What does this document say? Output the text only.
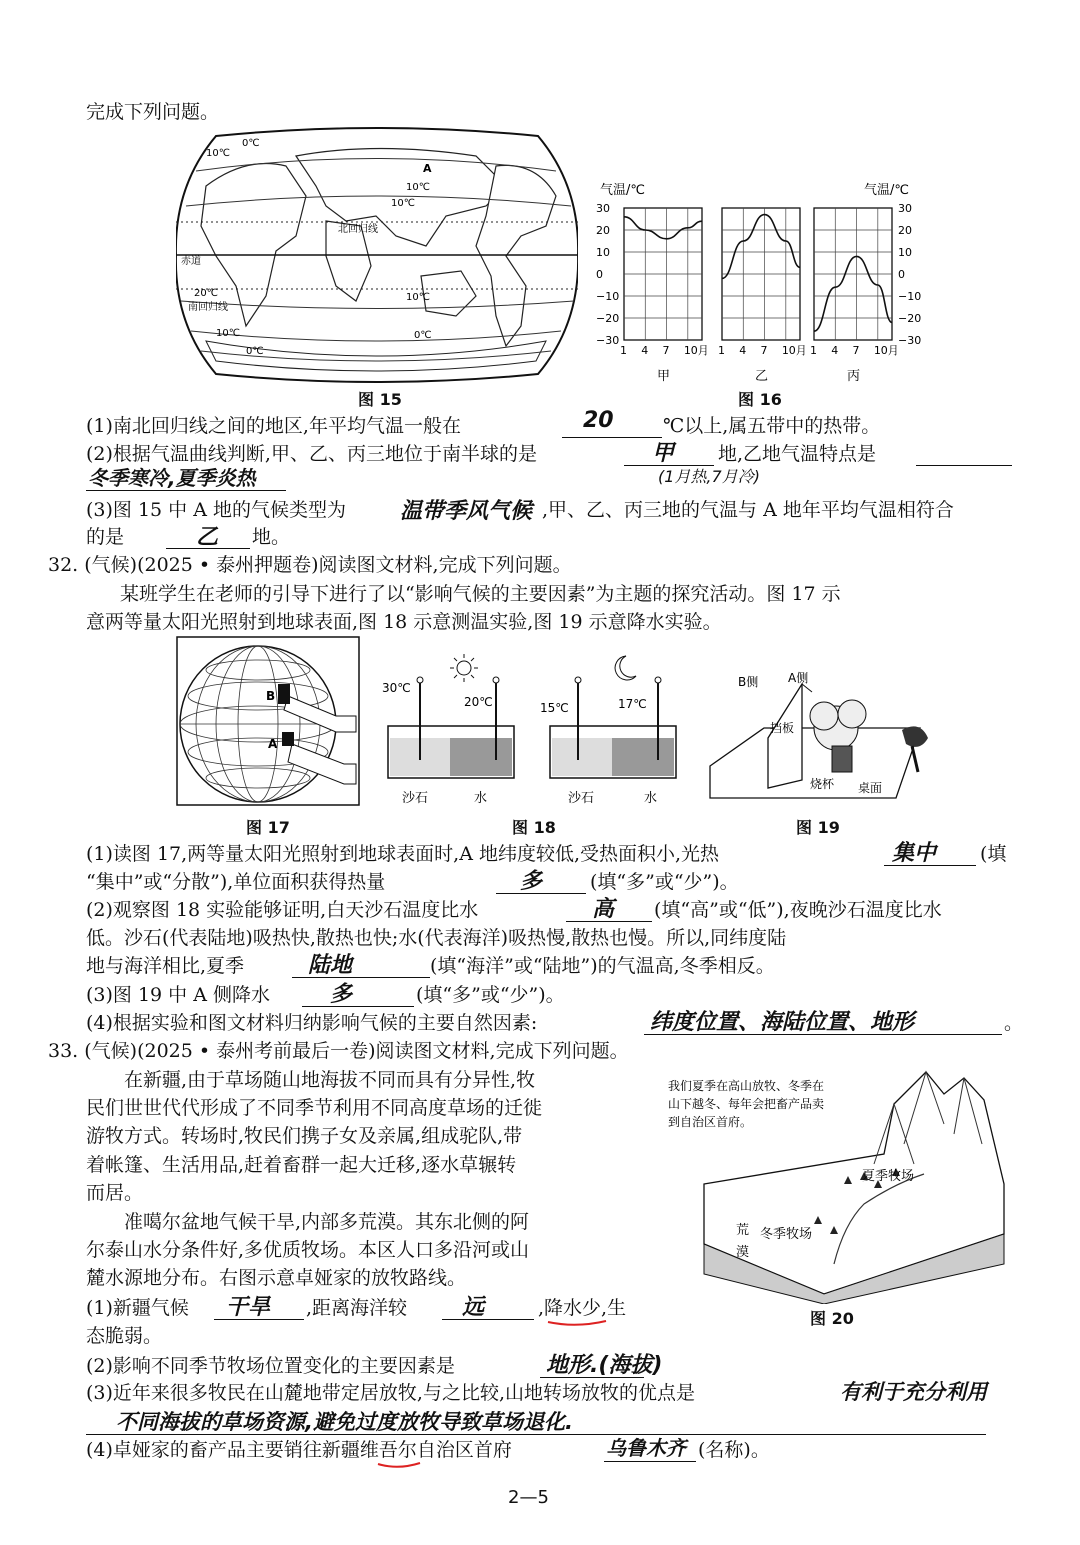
完成下列问题。
10℃
0℃
10℃
10℃
北回归线
赤道
20℃
南回归线
10℃
0℃
10℃
0℃
A
图 15
气温/℃	气温/℃
30	30
20	20
10	10
0	0
−10	−10
−20	−20
−30	−30
1 4 7 10月
甲
1 4 7 10月
乙
1 4 7 10月
丙
图 16
(1)南北回归线之间的地区,年平均气温一般在	20	℃以上,属五带中的热带。
(2)根据气温曲线判断,甲、乙、丙三地位于南半球的是	甲 地,乙地气温特点是
冬季寒冷,夏季炎热	(1月热,7月冷)
(3)图 15 中 A 地的气候类型为 温带季风气候 ,甲、乙、丙三地的气温与 A 地年平均气温相符合
的是	乙 地。
32. (气候)(2025 • 泰州押题卷)阅读图文材料,完成下列问题。
某班学生在老师的引导下进行了以“影响气候的主要因素”为主题的探究活动。图 17 示
意两等量太阳光照射到地球表面,图 18 示意测温实验,图 19 示意降水实验。
B
A
图 17
30℃
20℃
沙石	水
15℃	17℃
沙石	水
图 18
B侧 A侧
挡板
烧杯 桌面
图 19
(1)读图 17,两等量太阳光照射到地球表面时,A 地纬度较低,受热面积小,光热	集中 (填
“集中”或“分散”),单位面积获得热量	多	(填“多”或“少”)。
(2)观察图 18 实验能够证明,白天沙石温度比水	高 (填“高”或“低”),夜晚沙石温度比水
低。沙石(代表陆地)吸热快,散热也快;水(代表海洋)吸热慢,散热也慢。所以,同纬度陆
地与海洋相比,夏季	陆地	(填“海洋”或“陆地”)的气温高,冬季相反。
(3)图 19 中 A 侧降水	多	(填“多”或“少”)。
(4)根据实验和图文材料归纳影响气候的主要自然因素:	纬度位置、海陆位置、地形	。
33. (气候)(2025 • 泰州考前最后一卷)阅读图文材料,完成下列问题。
在新疆,由于草场随山地海拔不同而具有分异性,牧
民们世世代代形成了不同季节利用不同高度草场的迁徙
游牧方式。转场时,牧民们携子女及亲属,组成驼队,带
着帐篷、生活用品,赶着畜群一起大迁移,逐水草辗转
而居。
准噶尔盆地气候干旱,内部多荒漠。其东北侧的阿
尔泰山水分条件好,多优质牧场。本区人口多沿河或山
麓水源地分布。右图示意卓娅家的放牧路线。
我们夏季在高山放牧、冬季在
山下越冬、每年会把畜产品卖
到自治区首府。
夏季牧场
冬季牧场
荒
漠
图 20
(1)新疆气候 干旱 ,距离海洋较 远	,降水少,生
态脆弱。
(2)影响不同季节牧场位置变化的主要因素是	地形.(海拔)
(3)近年来很多牧民在山麓地带定居放牧,与之比较,山地转场放牧的优点是	有利于充分利用
不同海拔的草场资源,避免过度放牧导致草场退化.
(4)卓娅家的畜产品主要销往新疆维吾尔自治区首府	乌鲁木齐 (名称)。
2—5
